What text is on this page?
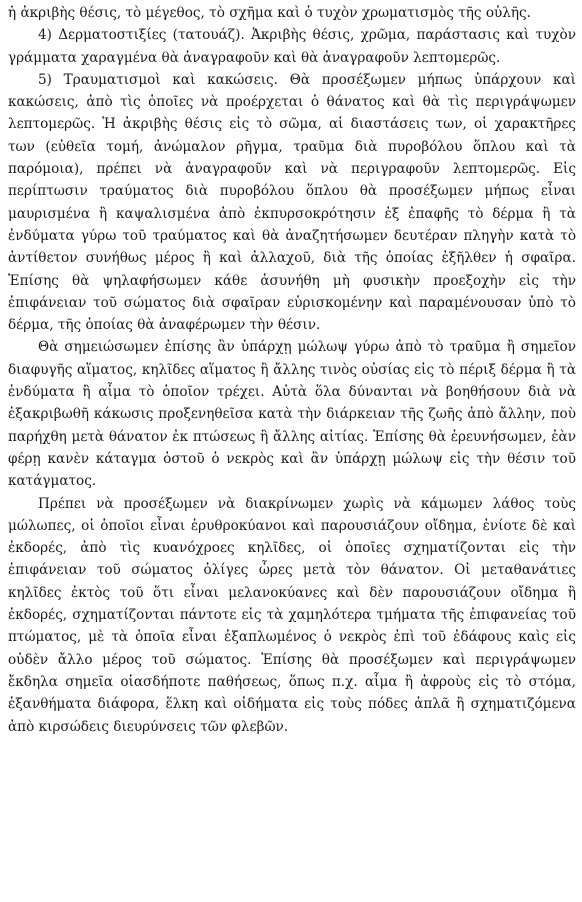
ἡ ἀκριβὴς θέσις, τὸ μέγεθος, τὸ σχῆμα καὶ ὁ τυχὸν χρωματισμὸς τῆς οὐλῆς.

4) Δερματοστιξίες (τατουάζ). Ἀκριβὴς θέσις, χρῶμα, παράστασις καὶ τυχὸν γράμματα χαραγμένα θὰ ἀναγραφοῦν καὶ θὰ ἀναγραφοῦν λεπτομερῶς.

5) Τραυματισμοὶ καὶ κακώσεις. Θὰ προσέξωμεν μήπως ὑπάρχουν καὶ κακώσεις, ἀπὸ τὶς ὁποῖες νὰ προέρχεται ὁ θάνατος καὶ θὰ τὶς περιγράψωμεν λεπτομερῶς. Ἡ ἀκριβὴς θέσις εἰς τὸ σῶμα, αἱ διαστάσεις των, οἱ χαρακτῆρες των (εὐθεῖα τομή, ἀνώμαλον ρῆγμα, τραῦμα διὰ πυροβόλου ὅπλου καὶ τὰ παρόμοια), πρέπει νὰ ἀναγραφοῦν καὶ νὰ περιγραφοῦν λεπτομερῶς. Εἰς περίπτωσιν τραύματος διὰ πυροβόλου ὅπλου θὰ προσέξωμεν μήπως εἶναι μαυρισμένα ἢ καψαλισμένα ἀπὸ ἐκπυρσοκρότησιν ἐξ ἐπαφῆς τὸ δέρμα ἢ τὰ ἐνδύματα γύρω τοῦ τραύματος καὶ θὰ ἀναζητήσωμεν δευτέραν πληγὴν κατὰ τὸ ἀντίθετον συνήθως μέρος ἢ καὶ ἀλλαχοῦ, διὰ τῆς ὁποίας ἐξῆλθεν ἡ σφαῖρα. Ἐπίσης θὰ ψηλαφήσωμεν κάθε ἀσυνήθη μὴ φυσικὴν προεξοχὴν εἰς τὴν ἐπιφάνειαν τοῦ σώματος διὰ σφαῖραν εὑρισκομένην καὶ παραμένουσαν ὑπὸ τὸ δέρμα, τῆς ὁποίας θὰ ἀναφέρωμεν τὴν θέσιν.

Θὰ σημειώσωμεν ἐπίσης ἂν ὑπάρχῃ μώλωψ γύρω ἀπὸ τὸ τραῦμα ἢ σημεῖον διαφυγῆς αἵματος, κηλῖδες αἵματος ἢ ἄλλης τινὸς οὐσίας εἰς τὸ πέριξ δέρμα ἢ τὰ ἐνδύματα ἢ αἷμα τὸ ὁποῖον τρέχει. Αὐτὰ ὅλα δύνανται νὰ βοηθήσουν διὰ νὰ ἐξακριβωθῆ κάκωσις προξενηθεῖσα κατὰ τὴν διάρκειαν τῆς ζωῆς ἀπὸ ἄλλην, ποὺ παρήχθη μετὰ θάνατον ἐκ πτώσεως ἢ ἄλλης αἰτίας. Ἐπίσης θὰ ἐρευνήσωμεν, ἐὰν φέρῃ κανὲν κάταγμα ὀστοῦ ὁ νεκρὸς καὶ ἂν ὑπάρχῃ μώλωψ εἰς τὴν θέσιν τοῦ κατάγματος.

Πρέπει νὰ προσέξωμεν νὰ διακρίνωμεν χωρὶς νὰ κάμωμεν λάθος τοὺς μώλωπες, οἱ ὁποῖοι εἶναι ἐρυθροκύανοι καὶ παρουσιάζουν οἴδημα, ἐνίοτε δὲ καὶ ἐκδορές, ἀπὸ τὶς κυανόχροες κηλῖδες, οἱ ὁποῖες σχηματίζονται εἰς τὴν ἐπιφάνειαν τοῦ σώματος ὀλίγες ὧρες μετὰ τὸν θάνατον. Οἱ μεταθανάτιες κηλῖδες ἐκτὸς τοῦ ὅτι εἶναι μελανοκύανες καὶ δὲν παρουσιάζουν οἴδημα ἢ ἐκδορές, σχηματίζονται πάντοτε εἰς τὰ χαμηλότερα τμήματα τῆς ἐπιφανείας τοῦ πτώματος, μὲ τὰ ὁποῖα εἶναι ἐξαπλωμένος ὁ νεκρὸς ἐπὶ τοῦ ἐδάφους καὶς εἰς οὐδὲν ἄλλο μέρος τοῦ σώματος. Ἐπίσης θὰ προσέξωμεν καὶ περιγράψωμεν ἔκδηλα σημεῖα οἱασδήποτε παθήσεως, ὅπως π.χ. αἷμα ἢ ἀφροὺς εἰς τὸ στόμα, ἐξανθήματα διάφορα, ἕλκη καὶ οἰδήματα εἰς τοὺς πόδες ἁπλᾶ ἢ σχηματιζόμενα ἀπὸ κιρσώδεις διευρύνσεις τῶν φλεβῶν.
